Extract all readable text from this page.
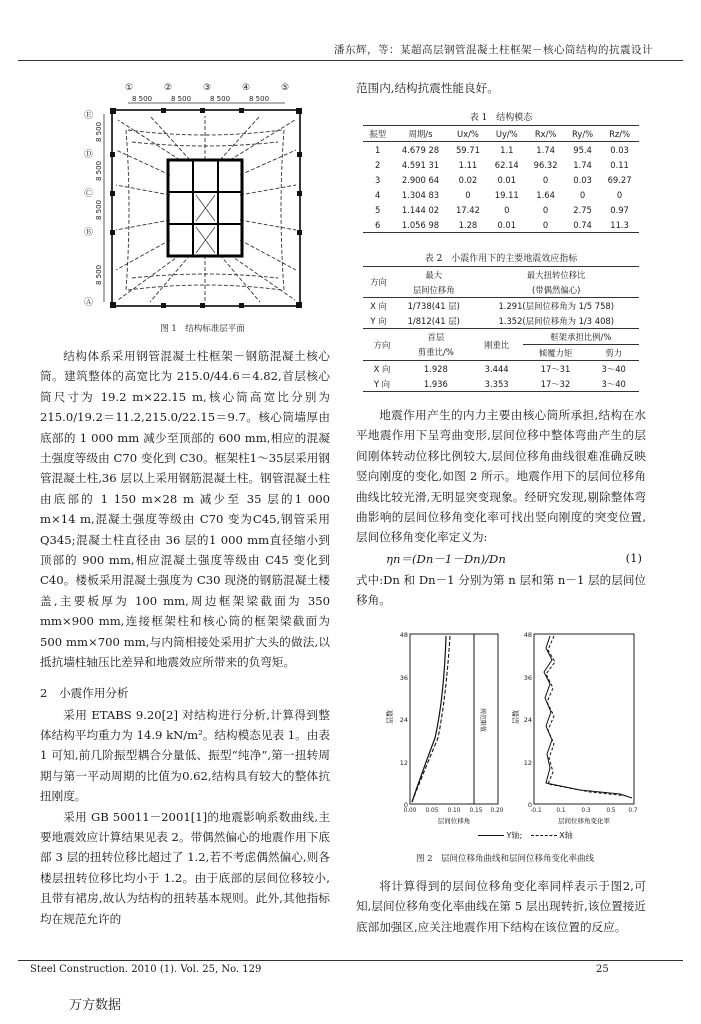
潘东辉，等：某超高层钢管混凝土柱框架－核心筒结构的抗震设计
①	②	③	④	⑤
8 500	8 500	8 500	8 500
Ⓔ
Ⓓ
Ⓒ
Ⓑ
Ⓐ
8 500
8 500
8 500
8 500
图 1　结构标准层平面

结构体系采用钢管混凝土柱框架－钢筋混凝土核心筒。建筑整体的高宽比为 215.0/44.6＝4.82,首层核心筒尺寸为 19.2 m×22.15 m,核心筒高宽比分别为215.0/19.2＝11.2,215.0/22.15＝9.7。核心筒墙厚由底部的 1 000 mm 减少至顶部的 600 mm,相应的混凝土强度等级由 C70 变化到 C30。框架柱1～35层采用钢管混凝土柱,36 层以上采用钢筋混凝土柱。钢管混凝土柱由底部的 1 150 m×28 m 减少至 35 层的1 000 m×14 m,混凝土强度等级由 C70 变为C45,钢管采用 Q345;混凝土柱直径由 36 层的1 000 mm直径缩小到顶部的 900 mm,相应混凝土强度等级由 C45 变化到 C40。楼板采用混凝土强度为 C30 现浇的钢筋混凝土楼盖,主要板厚为 100 mm,周边框架梁截面为 350 mm×900 mm,连接框架柱和核心筒的框架梁截面为 500 mm×700 mm,与内筒相接处采用扩大头的做法,以抵抗墙柱轴压比差异和地震效应所带来的负弯矩。

2　小震作用分析

采用 ETABS 9.20[2] 对结构进行分析,计算得到整体结构平均重力为 14.9 kN/m²。结构模态见表 1。由表 1 可知,前几阶振型耦合分量低、振型“纯净”,第一扭转周期与第一平动周期的比值为0.62,结构具有较大的整体抗扭刚度。

采用 GB 50011－2001[1]的地震影响系数曲线,主要地震效应计算结果见表 2。带偶然偏心的地震作用下底部 3 层的扭转位移比超过了 1.2,若不考虑偶然偏心,则各楼层扭转位移比均小于 1.2。由于底部的层间位移较小,且带有裙房,故认为结构的扭转基本规则。此外,其他指标均在规范允许的

范围内,结构抗震性能良好。
表 1　结构模态
振型	周期/s	Ux/%	Uy/%	Rx/%	Ry/%	Rz/%
1	4.679 28	59.71	1.1	1.74	95.4	0.03
2	4.591 31	1.11	62.14	96.32	1.74	0.11
3	2.900 64	0.02	0.01	0	0.03	69.27
4	1.304 83	0	19.11	1.64	0	0
5	1.144 02	17.42	0	0	2.75	0.97
6	1.056 98	1.28	0.01	0	0.74	11.3
表 2　小震作用下的主要地震效应指标
方向	最大	最大扭转位移比
	层间位移角	(带偶然偏心)
X 向	1/738(41 层)	1.291(层间位移角为 1/5 758)
Y 向	1/812(41 层)	1.352(层间位移角为 1/3 408)
方向	首层	刚重比	框架承担比例/%	
	剪重比/%		倾覆力矩	剪力
X 向	1.928	3.444	17～31	3～40
Y 向	1.936	3.353	17～32	3～40

地震作用产生的内力主要由核心筒所承担,结构在水平地震作用下呈弯曲变形,层间位移中整体弯曲产生的层间刚体转动位移比例较大,层间位移角曲线很难准确反映竖向刚度的变化,如图 2 所示。地震作用下的层间位移角曲线比较光滑,无明显突变现象。经研究发现,剔除整体弯曲影响的层间位移角变化率可找出竖向刚度的突变位置,层间位移角变化率定义为:

ηn＝(Dn－1－Dn)/Dn	(1)

式中:Dn 和 Dn－1 分别为第 n 层和第 n－1 层的层间位移角。

48
36
24
12
0
层数
0.00 0.05 0.10 0.15 0.20
层间位移角
规范限值
48
36
24
12
0
层数
-0.1	0.1	0.3	0.5 0.7
层间位移角变化率
Y轴;	X轴
图 2　层间位移角曲线和层间位移角变化率曲线
将计算得到的层间位移角变化率同样表示于图2,可知,层间位移角变化率曲线在第 5 层出现转折,该位置接近底部加强区,应关注地震作用下结构在该位置的反应。
Steel Construction. 2010 (1). Vol. 25, No. 129	25
万方数据
